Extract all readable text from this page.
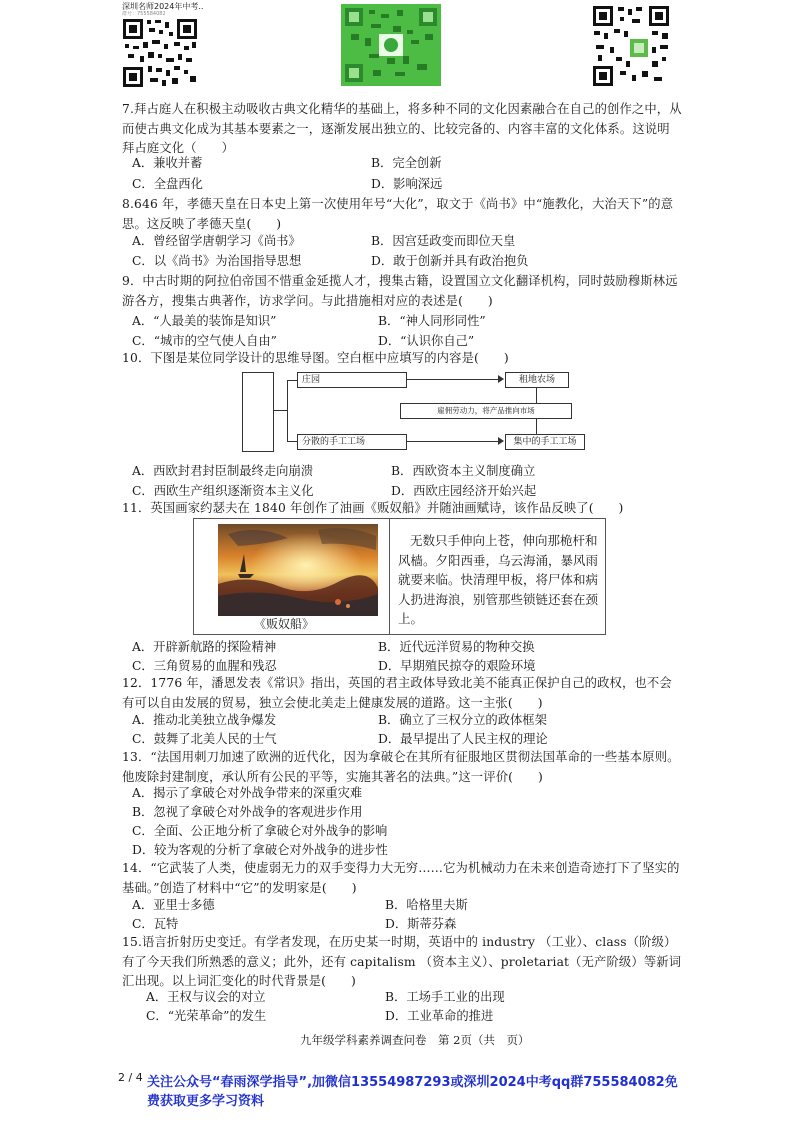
深圳名师2024年中考..
群号：755584082
7.拜占庭人在积极主动吸收古典文化精华的基础上，将多种不同的文化因素融合在自己的创作之中，从而使古典文化成为其基本要素之一，逐渐发展出独立的、比较完备的、内容丰富的文化体系。这说明拜占庭文化（　　）
A．兼收并蓄	B．完全创新
C．全盘西化	D．影响深远
8.646 年，孝德天皇在日本史上第一次使用年号“大化”，取文于《尚书》中“施教化，大治天下”的意思。这反映了孝德天皇(　　)
A．曾经留学唐朝学习《尚书》	B．因宫廷政变而即位天皇
C．以《尚书》为治国指导思想	D．敢于创新并具有政治抱负
9．中古时期的阿拉伯帝国不惜重金延揽人才，搜集古籍，设置国立文化翻译机构，同时鼓励穆斯林远游各方，搜集古典著作，访求学问。与此措施相对应的表述是(　　)
A．“人最美的装饰是知识”	B．“神人同形同性”
C．“城市的空气使人自由”	D．“认识你自己”
10．下图是某位同学设计的思维导图。空白框中应填写的内容是(　　)
庄园	租地农场
雇佣劳动力，将产品推向市场
分散的手工工场	集中的手工工场
A．西欧封君封臣制最终走向崩溃	B．西欧资本主义制度确立
C．西欧生产组织逐渐资本主义化	D．西欧庄园经济开始兴起
11．英国画家约瑟夫在 1840 年创作了油画《贩奴船》并随油画赋诗，该作品反映了(　　)
《贩奴船》
无数只手伸向上苍，伸向那桅杆和风樯。夕阳西垂，乌云海涌，暴风雨就要来临。快清理甲板，将尸体和病人扔进海浪，别管那些锁链还套在颈上。
A．开辟新航路的探险精神	B．近代远洋贸易的物种交换
C．三角贸易的血腥和残忍	D．早期殖民掠夺的艰险环境
12．1776 年，潘恩发表《常识》指出，英国的君主政体导致北美不能真正保护自己的政权，也不会有可以自由发展的贸易，独立会使北美走上健康发展的道路。这一主张(　　)
A．推动北美独立战争爆发	B．确立了三权分立的政体框架
C．鼓舞了北美人民的士气	D．最早提出了人民主权的理论
13．“法国用刺刀加速了欧洲的近代化，因为拿破仑在其所有征服地区贯彻法国革命的一些基本原则。他废除封建制度，承认所有公民的平等，实施其著名的法典。”这一评价(　　)
A．揭示了拿破仑对外战争带来的深重灾难
B．忽视了拿破仑对外战争的客观进步作用
C．全面、公正地分析了拿破仑对外战争的影响
D．较为客观的分析了拿破仑对外战争的进步性
14．“它武装了人类，使虚弱无力的双手变得力大无穷……它为机械动力在未来创造奇迹打下了坚实的基础。”创造了材料中“它”的发明家是(　　)
A．亚里士多德	B．哈格里夫斯
C．瓦特	D．斯蒂芬森
15.语言折射历史变迁。有学者发现，在历史某一时期，英语中的 industry （工业）、class（阶级）有了今天我们所熟悉的意义；此外，还有 capitalism （资本主义）、proletariat（无产阶级）等新词汇出现。以上词汇变化的时代背景是(　　)
A．王权与议会的对立	B．工场手工业的出现
C．“光荣革命”的发生	D．工业革命的推进
九年级学科素养调查问卷　第 2页（共　页）
2 / 4 关注公众号“春雨深学指导”,加微信13554987293或深圳2024中考qq群755584082免费获取更多学习资料
